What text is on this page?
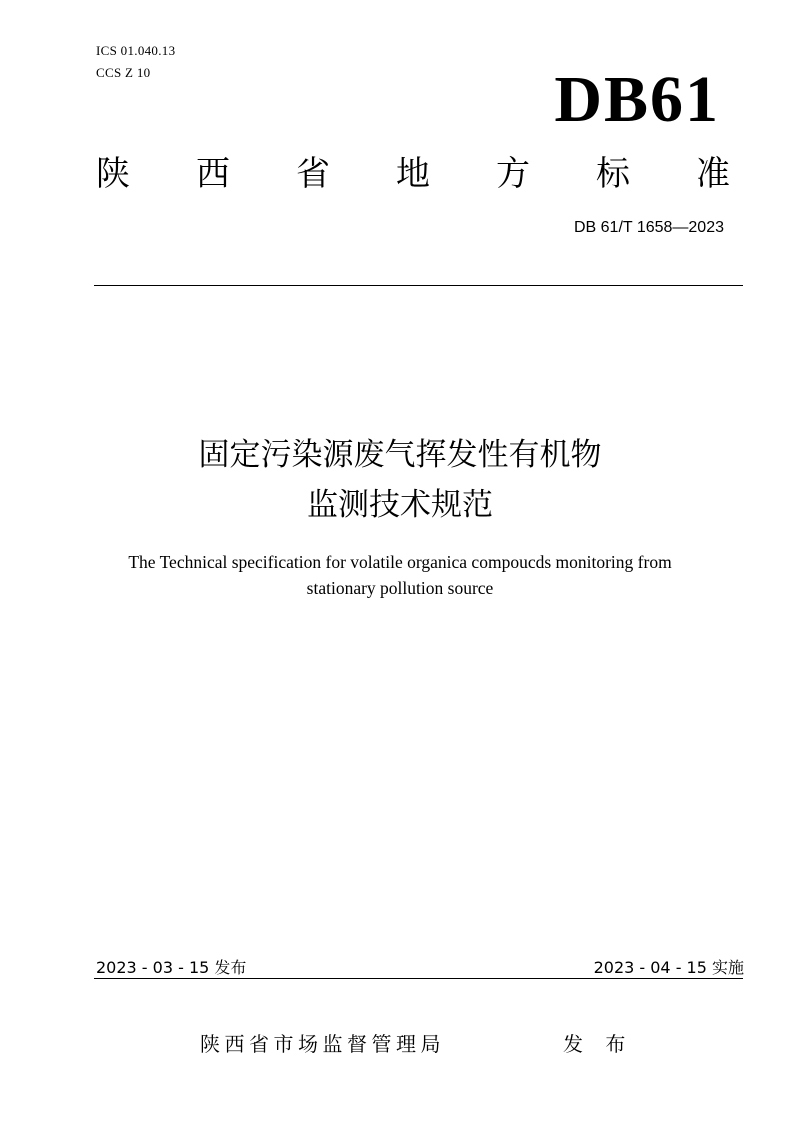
ICS 01.040.13
CCS Z 10	DB61
陕 西 省 地 方 标 准
DB 61/T 1658—2023
固定污染源废气挥发性有机物
监测技术规范
The Technical specification for volatile organica compoucds monitoring from
stationary pollution source
2023 - 03 - 15 发布	2023 - 04 - 15 实施
陕西省市场监督管理局	发 布
